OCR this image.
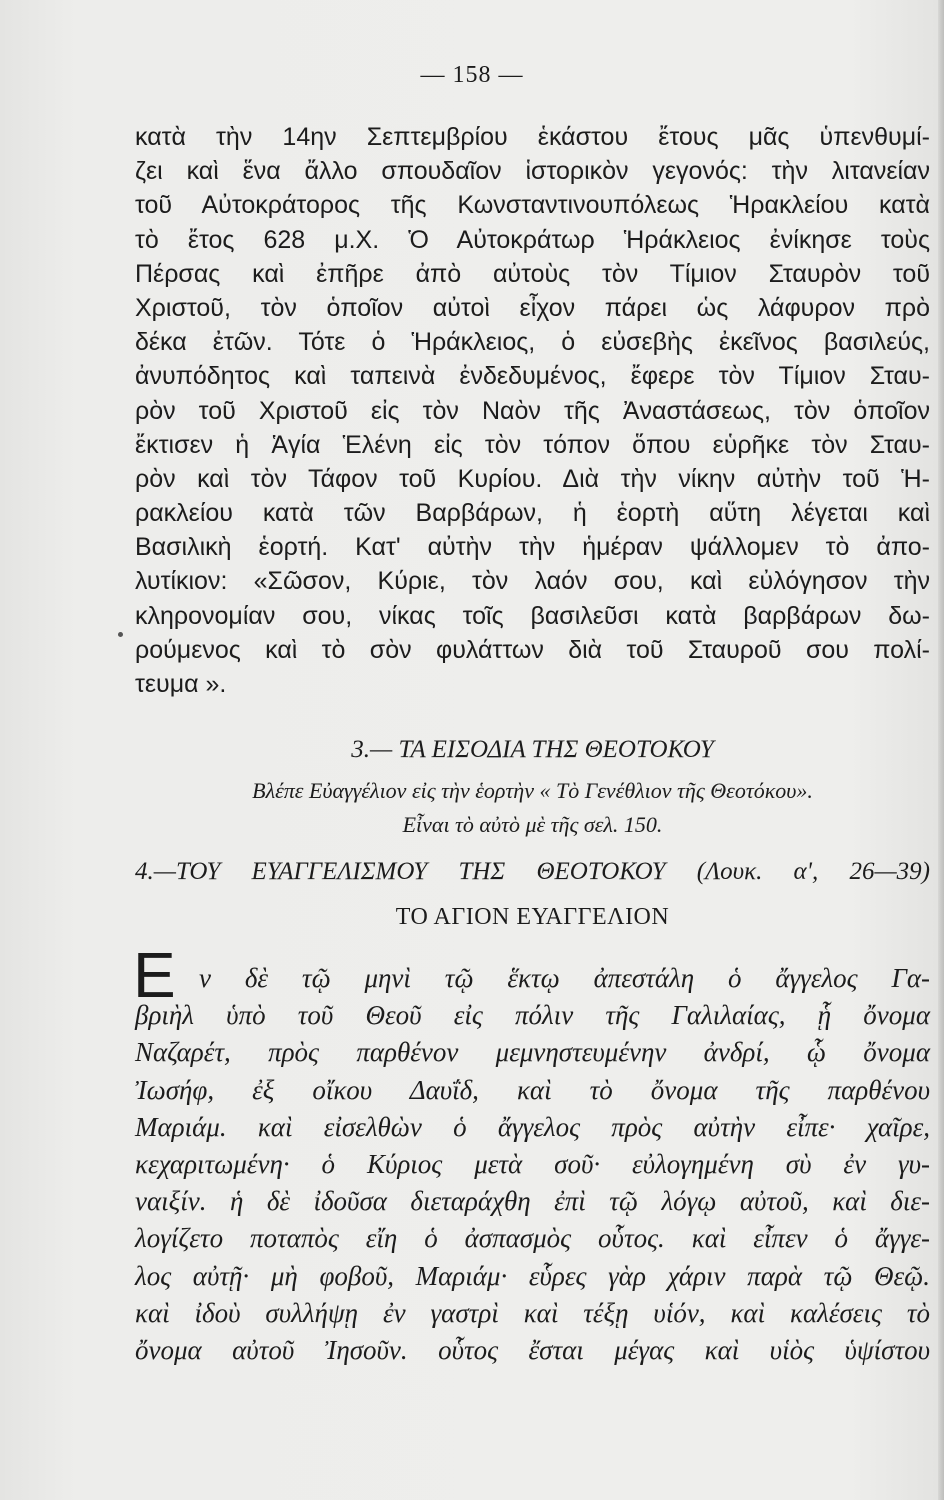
— 158 —
κατὰ τὴν 14ην Σεπτεμβρίου ἑκάστου ἔτους μᾶς ὑπενθυμί-
ζει καὶ ἕνα ἄλλο σπουδαῖον ἱστορικὸν γεγονός: τὴν λιτανείαν
τοῦ Αὐτοκράτορος τῆς Κωνσταντινουπόλεως Ἡρακλείου κατὰ
τὸ ἔτος 628 μ.Χ. Ὁ Αὐτοκράτωρ Ἡράκλειος ἐνίκησε τοὺς
Πέρσας καὶ ἐπῆρε ἀπὸ αὐτοὺς τὸν Τίμιον Σταυρὸν τοῦ
Χριστοῦ, τὸν ὁποῖον αὐτοὶ εἶχον πάρει ὡς λάφυρον πρὸ
δέκα ἐτῶν. Τότε ὁ Ἡράκλειος, ὁ εὐσεβὴς ἐκεῖνος βασιλεύς,
ἀνυπόδητος καὶ ταπεινὰ ἐνδεδυμένος, ἔφερε τὸν Τίμιον Σταυ-
ρὸν τοῦ Χριστοῦ εἰς τὸν Ναὸν τῆς Ἀναστάσεως, τὸν ὁποῖον
ἔκτισεν ἡ Ἁγία Ἑλένη εἰς τὸν τόπον ὅπου εὑρῆκε τὸν Σταυ-
ρὸν καὶ τὸν Τάφον τοῦ Κυρίου. Διὰ τὴν νίκην αὐτὴν τοῦ Ἡ-
ρακλείου κατὰ τῶν Βαρβάρων, ἡ ἑορτὴ αὕτη λέγεται καὶ
Βασιλικὴ ἑορτή. Κατ' αὐτὴν τὴν ἡμέραν ψάλλομεν τὸ ἀπο-
λυτίκιον: «Σῶσον, Κύριε, τὸν λαόν σου, καὶ εὐλόγησον τὴν
κληρονομίαν σου, νίκας τοῖς βασιλεῦσι κατὰ βαρβάρων δω-
ρούμενος καὶ τὸ σὸν φυλάττων διὰ τοῦ Σταυροῦ σου πολί-
τευμα ».
3.— ΤΑ ΕΙΣΟΔΙΑ ΤΗΣ ΘΕΟΤΟΚΟΥ
Βλέπε Εὐαγγέλιον εἰς τὴν ἑορτὴν « Τὸ Γενέθλιον τῆς Θεοτόκου».
Εἶναι τὸ αὐτὸ μὲ τῆς σελ. 150.
4.—ΤΟΥ ΕΥΑΓΓΕΛΙΣΜΟΥ ΤΗΣ ΘΕΟΤΟΚΟΥ (Λουκ. α', 26—39)
ΤΟ ΑΓΙΟΝ ΕΥΑΓΓΕΛΙΟΝ
Ε ν δὲ τῷ μηνὶ τῷ ἕκτῳ ἀπεστάλη ὁ ἄγγελος Γα-
βριὴλ ὑπὸ τοῦ Θεοῦ εἰς πόλιν τῆς Γαλιλαίας, ᾗ ὄνομα
Ναζαρέτ, πρὸς παρθένον μεμνηστευμένην ἀνδρί, ᾧ ὄνομα
Ἰωσήφ, ἐξ οἴκου Δαυΐδ, καὶ τὸ ὄνομα τῆς παρθένου
Μαριάμ. καὶ εἰσελθὼν ὁ ἄγγελος πρὸς αὐτὴν εἶπε· χαῖρε,
κεχαριτωμένη· ὁ Κύριος μετὰ σοῦ· εὐλογημένη σὺ ἐν γυ-
ναιξίν. ἡ δὲ ἰδοῦσα διεταράχθη ἐπὶ τῷ λόγῳ αὐτοῦ, καὶ διε-
λογίζετο ποταπὸς εἴη ὁ ἀσπασμὸς οὗτος. καὶ εἶπεν ὁ ἄγγε-
λος αὐτῇ· μὴ φοβοῦ, Μαριάμ· εὗρες γὰρ χάριν παρὰ τῷ Θεῷ.
καὶ ἰδοὺ συλλήψῃ ἐν γαστρὶ καὶ τέξῃ υἱόν, καὶ καλέσεις τὸ
ὄνομα αὐτοῦ Ἰησοῦν. οὗτος ἔσται μέγας καὶ υἱὸς ὑψίστου
